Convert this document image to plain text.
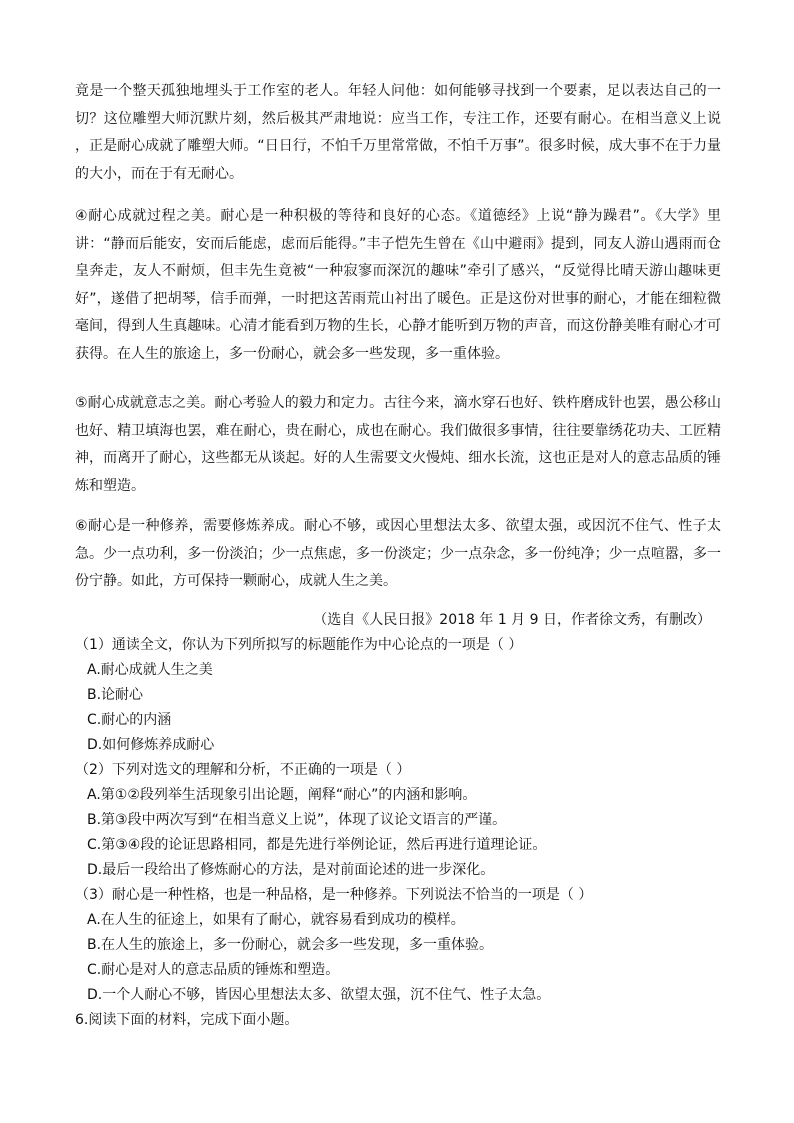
竟是一个整天孤独地埋头于工作室的老人。年轻人问他：如何能够寻找到一个要素，足以表达自己的一切？这位雕塑大师沉默片刻，然后极其严肃地说：应当工作，专注工作，还要有耐心。在相当意义上说 ，正是耐心成就了雕塑大师。“日日行，不怕千万里常常做，不怕千万事”。很多时候，成大事不在于力量的大小，而在于有无耐心。

④耐心成就过程之美。耐心是一种积极的等待和良好的心态。《道德经》上说“静为躁君”。《大学》里讲：“静而后能安，安而后能虑，虑而后能得。”丰子恺先生曾在《山中避雨》提到，同友人游山遇雨而仓皇奔走，友人不耐烦，但丰先生竟被“一种寂寥而深沉的趣味”牵引了感兴，“反觉得比晴天游山趣味更好”，遂借了把胡琴，信手而弹，一时把这苦雨荒山衬出了暖色。正是这份对世事的耐心，才能在细粒微毫间，得到人生真趣味。心清才能看到万物的生长，心静才能听到万物的声音，而这份静美唯有耐心才可获得。在人生的旅途上，多一份耐心，就会多一些发现，多一重体验。

⑤耐心成就意志之美。耐心考验人的毅力和定力。古往今来，滴水穿石也好、铁杵磨成针也罢，愚公移山也好、精卫填海也罢，难在耐心，贵在耐心，成也在耐心。我们做很多事情，往往要靠绣花功夫、工匠精神，而离开了耐心，这些都无从谈起。好的人生需要文火慢炖、细水长流，这也正是对人的意志品质的锤炼和塑造。

⑥耐心是一种修养，需要修炼养成。耐心不够，或因心里想法太多、欲望太强，或因沉不住气、性子太急。少一点功利，多一份淡泊；少一点焦虑，多一份淡定；少一点杂念，多一份纯净；少一点喧嚣，多一份宁静。如此，方可保持一颗耐心，成就人生之美。

（选自《人民日报》2018 年 1 月 9 日，作者徐文秀，有删改）
（1）通读全文，你认为下列所拟写的标题能作为中心论点的一项是（ ）
A.耐心成就人生之美
B.论耐心
C.耐心的内涵
D.如何修炼养成耐心
（2）下列对选文的理解和分析，不正确的一项是（ ）
A.第①②段列举生活现象引出论题，阐释“耐心”的内涵和影响。
B.第③段中两次写到“在相当意义上说”，体现了议论文语言的严谨。
C.第③④段的论证思路相同，都是先进行举例论证，然后再进行道理论证。
D.最后一段给出了修炼耐心的方法，是对前面论述的进一步深化。
（3）耐心是一种性格，也是一种品格，是一种修养。下列说法不恰当的一项是（ ）
A.在人生的征途上，如果有了耐心，就容易看到成功的模样。
B.在人生的旅途上，多一份耐心，就会多一些发现，多一重体验。
C.耐心是对人的意志品质的锤炼和塑造。
D.一个人耐心不够，皆因心里想法太多、欲望太强，沉不住气、性子太急。
6.阅读下面的材料，完成下面小题。
